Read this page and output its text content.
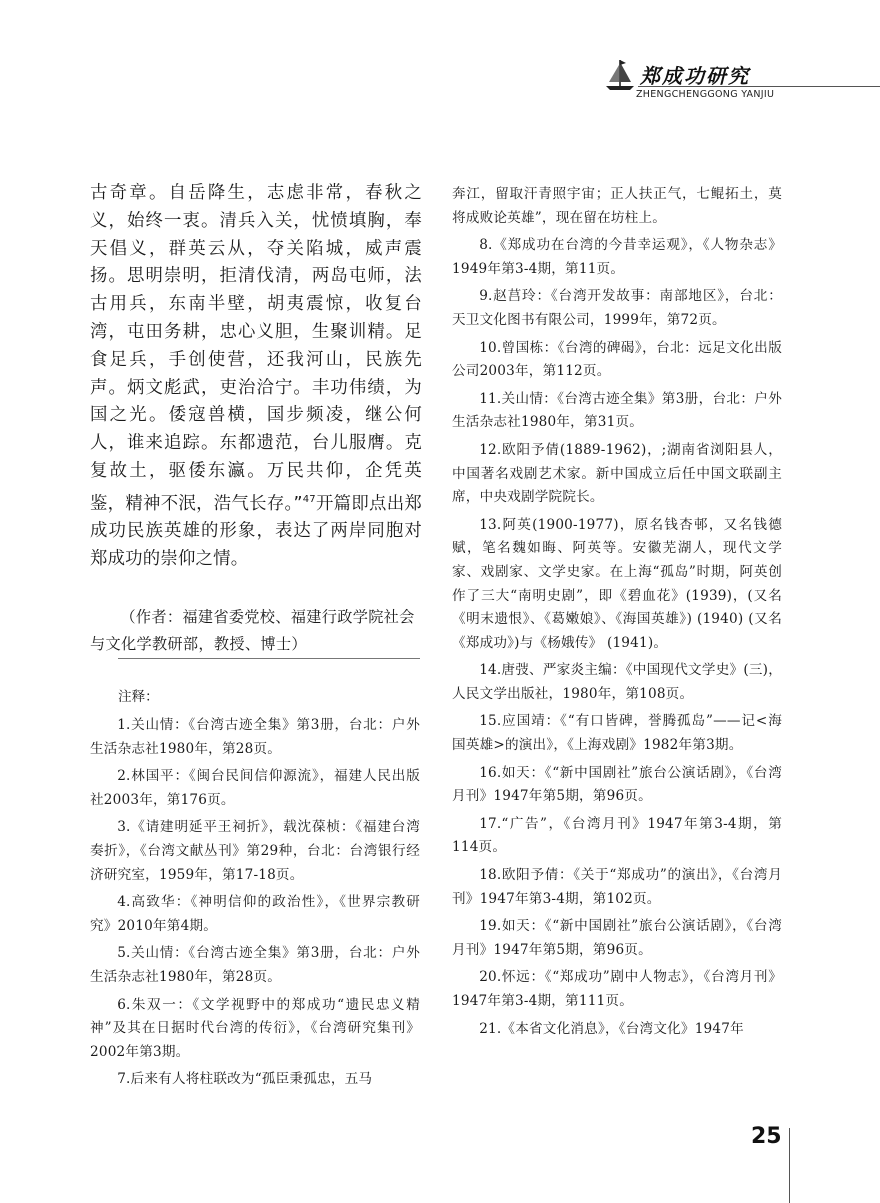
郑成功研究
ZHENGCHENGGONG YANJIU

古奇章。自岳降生，志虑非常，春秋之义，始终一衷。清兵入关，忧愤填胸，奉天倡义，群英云从，夺关陷城，威声震扬。思明崇明，拒清伐清，两岛屯师，法古用兵，东南半壁，胡夷震惊，收复台湾，屯田务耕，忠心义胆，生聚训精。足食足兵，手创使营，还我河山，民族先声。炳文彪武，吏治洽宁。丰功伟绩，为国之光。倭寇兽横，国步频凌，继公何人，谁来追踪。东都遗范，台儿服膺。克复故土，驱倭东瀛。万民共仰，企凭英鉴，精神不泯，浩气长存。”$^{47}$开篇即点出郑成功民族英雄的形象，表达了两岸同胞对郑成功的崇仰之情。

（作者：福建省委党校、福建行政学院社会与文化学教研部，教授、博士）

注释：

1.关山情：《台湾古迹全集》第3册，台北：户外生活杂志社1980年，第28页。

2.林国平：《闽台民间信仰源流》，福建人民出版社2003年，第176页。

3.《请建明延平王祠折》，载沈葆桢：《福建台湾奏折》，《台湾文献丛刊》第29种，台北：台湾银行经济研究室，1959年，第17-18页。

4.高致华：《神明信仰的政治性》，《世界宗教研究》2010年第4期。

5.关山情：《台湾古迹全集》第3册，台北：户外生活杂志社1980年，第28页。

6.朱双一：《文学视野中的郑成功“遗民忠义精神”及其在日据时代台湾的传衍》，《台湾研究集刊》2002年第3期。

7.后来有人将柱联改为“孤臣秉孤忠，五马

奔江，留取汗青照宇宙；正人扶正气，七鲲拓土，莫将成败论英雄”，现在留在坊柱上。

8.《郑成功在台湾的今昔幸运观》，《人物杂志》1949年第3-4期，第11页。

9.赵莒玲：《台湾开发故事：南部地区》，台北：天卫文化图书有限公司，1999年，第72页。

10.曾国栋：《台湾的碑碣》，台北：远足文化出版公司2003年，第112页。

11.关山情：《台湾古迹全集》第3册，台北：户外生活杂志社1980年，第31页。

12.欧阳予倩(1889-1962)，;湖南省浏阳县人，中国著名戏剧艺术家。新中国成立后任中国文联副主席，中央戏剧学院院长。

13.阿英(1900-1977)，原名钱杏邨，又名钱德赋，笔名魏如晦、阿英等。安徽芜湖人，现代文学家、戏剧家、文学史家。在上海“孤岛”时期，阿英创作了三大“南明史剧”，即《碧血花》(1939)，(又名《明末遗恨》、《葛嫩娘》、《海国英雄》) (1940) (又名《郑成功》)与《杨娥传》 (1941)。

14.唐弢、严家炎主编：《中国现代文学史》(三)，人民文学出版社，1980年，第108页。

15.应国靖：《“有口皆碑，誉腾孤岛”——记<海国英雄>的演出》，《上海戏剧》1982年第3期。

16.如天：《“新中国剧社”旅台公演话剧》，《台湾月刊》1947年第5期，第96页。

17.“广告”，《台湾月刊》1947年第3-4期，第114页。

18.欧阳予倩：《关于“郑成功”的演出》，《台湾月刊》1947年第3-4期，第102页。

19.如天：《“新中国剧社”旅台公演话剧》，《台湾月刊》1947年第5期，第96页。

20.怀远：《“郑成功”剧中人物志》，《台湾月刊》1947年第3-4期，第111页。

21.《本省文化消息》，《台湾文化》1947年

25
